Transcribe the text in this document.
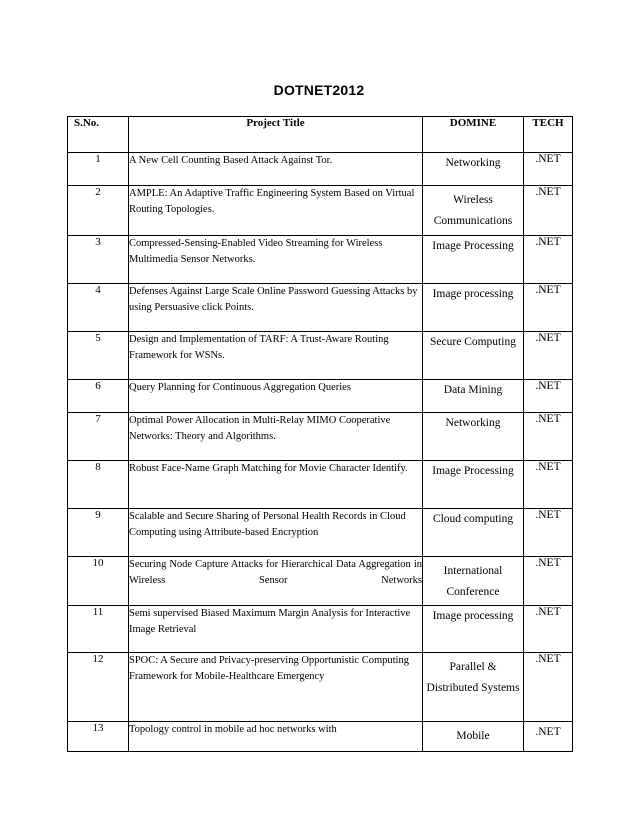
DOTNET2012
S.No.	Project Title	DOMINE	TECH
1	A New Cell Counting Based Attack Against Tor.	Networking	.NET
2	AMPLE: An Adaptive Traffic Engineering System Based on Virtual Routing Topologies.	Wireless Communications	.NET
3	Compressed-Sensing-Enabled Video Streaming for Wireless Multimedia Sensor Networks.	Image Processing	.NET
4	Defenses Against Large Scale Online Password Guessing Attacks by using Persuasive click Points.	Image processing	.NET
5	Design and Implementation of TARF: A Trust-Aware Routing Framework for WSNs.	Secure Computing	.NET
6	Query Planning for Continuous Aggregation Queries	Data Mining	.NET
7	Optimal Power Allocation in Multi-Relay MIMO Cooperative Networks: Theory and Algorithms.	Networking	.NET
8	Robust Face-Name Graph Matching for Movie Character Identify.	Image Processing	.NET
9	Scalable and Secure Sharing of Personal Health Records in Cloud Computing using Attribute-based Encryption	Cloud computing	.NET
10	Securing Node Capture Attacks for Hierarchical Data Aggregation in Wireless Sensor Networks	International Conference	.NET
11	Semi supervised Biased Maximum Margin Analysis for Interactive Image Retrieval	Image processing	.NET
12	SPOC: A Secure and Privacy-preserving Opportunistic Computing Framework for Mobile-Healthcare Emergency	Parallel & Distributed Systems	.NET
13	Topology control in mobile ad hoc networks with	Mobile	.NET
